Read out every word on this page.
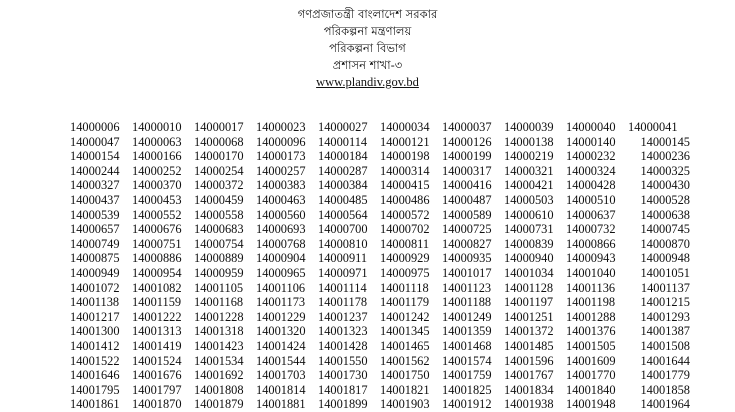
গণপ্রজাতন্ত্রী বাংলাদেশ সরকার
পরিকল্পনা মন্ত্রণালয়
পরিকল্পনা বিভাগ
প্রশাসন শাখা-৩
www.plandiv.gov.bd
14000006	14000010	14000017	14000023	14000027	14000034	14000037	14000039	14000040	14000041
14000047	14000063	14000068	14000096	14000114	14000121	14000126	14000138	14000140	14000145
14000154	14000166	14000170	14000173	14000184	14000198	14000199	14000219	14000232	14000236
14000244	14000252	14000254	14000257	14000287	14000314	14000317	14000321	14000324	14000325
14000327	14000370	14000372	14000383	14000384	14000415	14000416	14000421	14000428	14000430
14000437	14000453	14000459	14000463	14000485	14000486	14000487	14000503	14000510	14000528
14000539	14000552	14000558	14000560	14000564	14000572	14000589	14000610	14000637	14000638
14000657	14000676	14000683	14000693	14000700	14000702	14000725	14000731	14000732	14000745
14000749	14000751	14000754	14000768	14000810	14000811	14000827	14000839	14000866	14000870
14000875	14000886	14000889	14000904	14000911	14000929	14000935	14000940	14000943	14000948
14000949	14000954	14000959	14000965	14000971	14000975	14001017	14001034	14001040	14001051
14001072	14001082	14001105	14001106	14001114	14001118	14001123	14001128	14001136	14001137
14001138	14001159	14001168	14001173	14001178	14001179	14001188	14001197	14001198	14001215
14001217	14001222	14001228	14001229	14001237	14001242	14001249	14001251	14001288	14001293
14001300	14001313	14001318	14001320	14001323	14001345	14001359	14001372	14001376	14001387
14001412	14001419	14001423	14001424	14001428	14001465	14001468	14001485	14001505	14001508
14001522	14001524	14001534	14001544	14001550	14001562	14001574	14001596	14001609	14001644
14001646	14001676	14001692	14001703	14001730	14001750	14001759	14001767	14001770	14001779
14001795	14001797	14001808	14001814	14001817	14001821	14001825	14001834	14001840	14001858
14001861	14001870	14001879	14001881	14001899	14001903	14001912	14001938	14001948	14001964
